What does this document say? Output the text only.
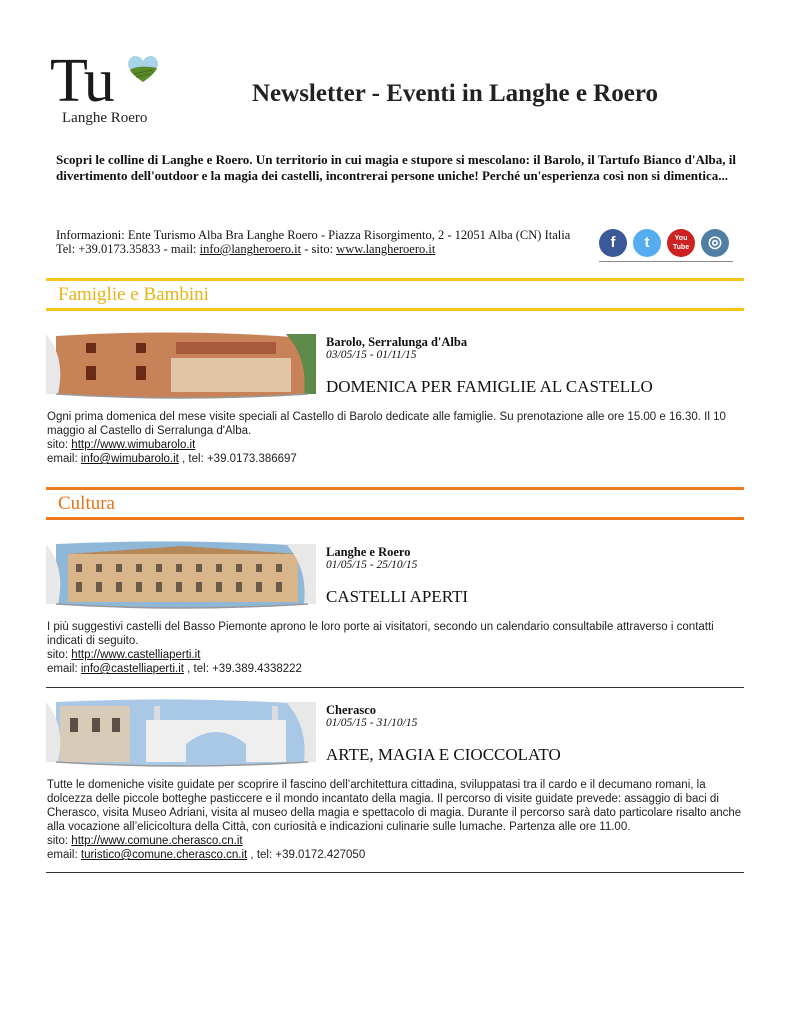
Tu
Langhe Roero
Newsletter - Eventi in Langhe e Roero
Scopri le colline di Langhe e Roero. Un territorio in cui magia e stupore si mescolano: il Barolo, il Tartufo Bianco d'Alba, il divertimento dell'outdoor e la magia dei castelli, incontrerai persone uniche! Perché un'esperienza così non si dimentica...
Informazioni: Ente Turismo Alba Bra Langhe Roero - Piazza Risorgimento, 2 - 12051 Alba (CN) Italia
Tel: +39.0173.35833 - mail: info@langheroero.it - sito: www.langheroero.it	f	t	You Tube	◎
Famiglie e Bambini
Barolo, Serralunga d'Alba
03/05/15 - 01/11/15
DOMENICA PER FAMIGLIE AL CASTELLO
Ogni prima domenica del mese visite speciali al Castello di Barolo dedicate alle famiglie. Su prenotazione alle ore 15.00 e 16.30. Il 10 maggio al Castello di Serralunga d'Alba.
sito: http://www.wimubarolo.it
email: info@wimubarolo.it , tel: +39.0173.386697
Cultura
Langhe e Roero
01/05/15 - 25/10/15
CASTELLI APERTI
I più suggestivi castelli del Basso Piemonte aprono le loro porte ai visitatori, secondo un calendario consultabile attraverso i contatti indicati di seguito.
sito: http://www.castelliaperti.it
email: info@castelliaperti.it , tel: +39.389.4338222
Cherasco
01/05/15 - 31/10/15
ARTE, MAGIA E CIOCCOLATO
Tutte le domeniche visite guidate per scoprire il fascino dell’architettura cittadina, sviluppatasi tra il cardo e il decumano romani, la dolcezza delle piccole botteghe pasticcere e il mondo incantato della magia. Il percorso di visite guidate prevede: assaggio di baci di Cherasco, visita Museo Adriani, visita al museo della magia e spettacolo di magia. Durante il percorso sarà dato particolare risalto anche alla vocazione all’elicicoltura della Città, con curiosità e indicazioni culinarie sulle lumache. Partenza alle ore 11.00.
sito: http://www.comune.cherasco.cn.it
email: turistico@comune.cherasco.cn.it , tel: +39.0172.427050
